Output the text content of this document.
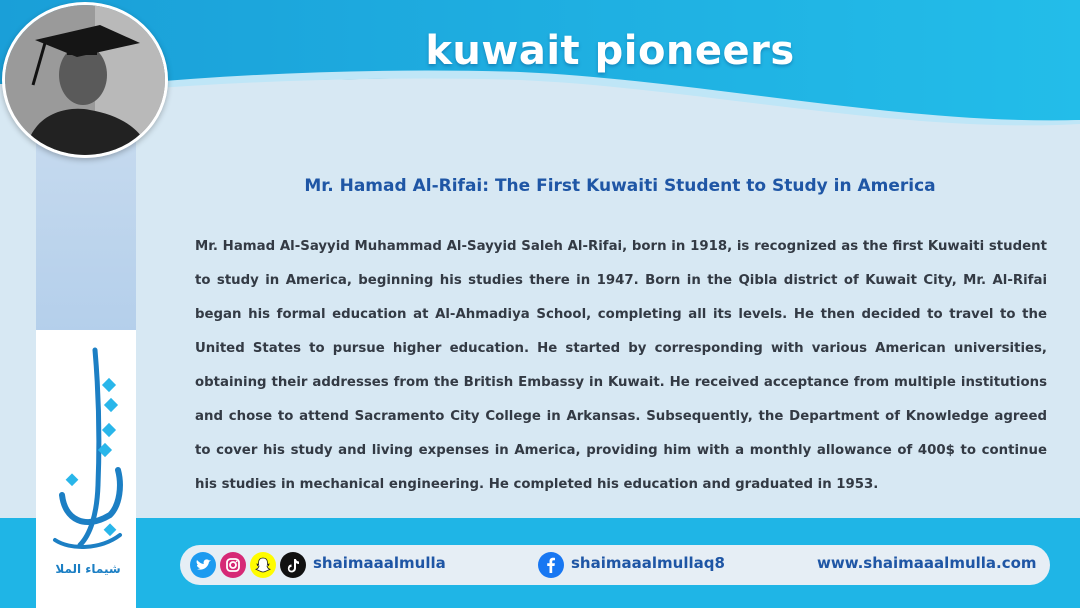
kuwait pioneers
Mr. Hamad Al-Rifai: The First Kuwaiti Student to Study in America

Mr. Hamad Al-Sayyid Muhammad Al-Sayyid Saleh Al-Rifai, born in 1918, is recognized as the first Kuwaiti student to study in America, beginning his studies there in 1947. Born in the Qibla district of Kuwait City, Mr. Al-Rifai began his formal education at Al-Ahmadiya School, completing all its levels. He then decided to travel to the United States to pursue higher education. He started by corresponding with various American universities, obtaining their addresses from the British Embassy in Kuwait. He received acceptance from multiple institutions and chose to attend Sacramento City College in Arkansas. Subsequently, the Department of Knowledge agreed to cover his study and living expenses in America, providing him with a monthly allowance of 400$ to continue his studies in mechanical engineering. He completed his education and graduated in 1953.

شيماء الملا	shaimaaalmulla	shaimaaalmullaq8	www.shaimaaalmulla.com
